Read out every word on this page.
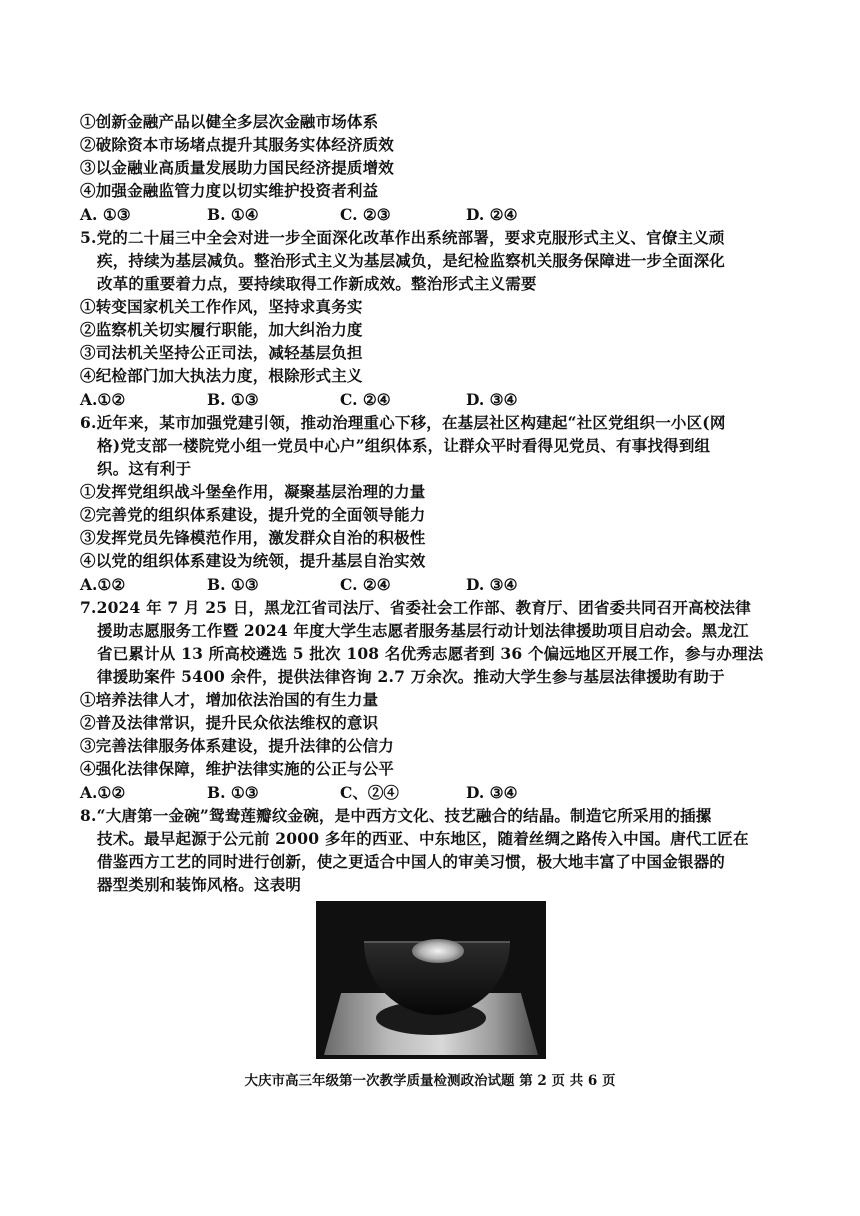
①创新金融产品以健全多层次金融市场体系
②破除资本市场堵点提升其服务实体经济质效
③以金融业高质量发展助力国民经济提质增效
④加强金融监管力度以切实维护投资者利益
A. ①③	B. ①④	C. ②③	D. ②④
5.党的二十届三中全会对进一步全面深化改革作出系统部署，要求克服形式主义、官僚主义顽
疾，持续为基层减负。整治形式主义为基层减负，是纪检监察机关服务保障进一步全面深化
改革的重要着力点，要持续取得工作新成效。整治形式主义需要
①转变国家机关工作作风，坚持求真务实
②监察机关切实履行职能，加大纠治力度
③司法机关坚持公正司法，减轻基层负担
④纪检部门加大执法力度，根除形式主义
A.①②	B. ①③	C. ②④	D. ③④
6.近年来，某市加强党建引领，推动治理重心下移，在基层社区构建起“社区党组织一小区(网
格)党支部一楼院党小组一党员中心户”组织体系，让群众平时看得见党员、有事找得到组
织。这有利于
①发挥党组织战斗堡垒作用，凝聚基层治理的力量
②完善党的组织体系建设，提升党的全面领导能力
③发挥党员先锋模范作用，激发群众自治的积极性
④以党的组织体系建设为统领，提升基层自治实效
A.①②	B. ①③	C. ②④	D. ③④
7.2024 年 7 月 25 日，黑龙江省司法厅、省委社会工作部、教育厅、团省委共同召开高校法律
援助志愿服务工作暨 2024 年度大学生志愿者服务基层行动计划法律援助项目启动会。黑龙江
省已累计从 13 所高校遴选 5 批次 108 名优秀志愿者到 36 个偏远地区开展工作，参与办理法
律援助案件 5400 余件，提供法律咨询 2.7 万余次。推动大学生参与基层法律援助有助于
①培养法律人才，增加依法治国的有生力量
②普及法律常识，提升民众依法维权的意识
③完善法律服务体系建设，提升法律的公信力
④强化法律保障，维护法律实施的公正与公平
A.①②	B. ①③	C、②④	D. ③④
8.“大唐第一金碗”鸳鸯莲瓣纹金碗，是中西方文化、技艺融合的结晶。制造它所采用的插摞
技术。最早起源于公元前 2000 多年的西亚、中东地区，随着丝绸之路传入中国。唐代工匠在
借鉴西方工艺的同时进行创新，使之更适合中国人的审美习惯，极大地丰富了中国金银器的
器型类别和装饰风格。这表明
大庆市高三年级第一次教学质量检测政治试题 第 2 页 共 6 页
